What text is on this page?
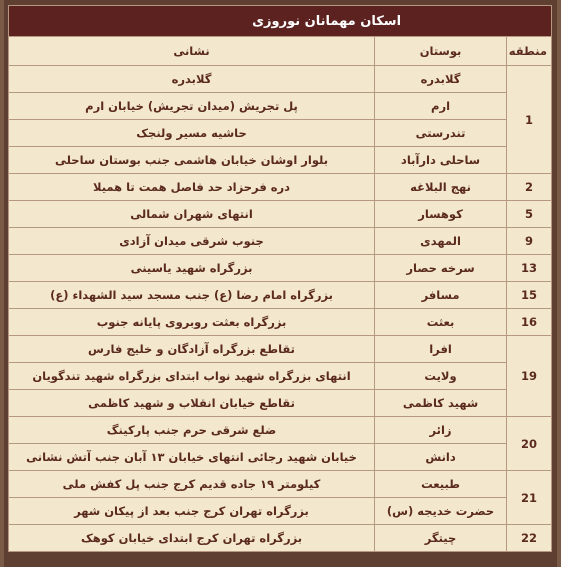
اسکان مهمانان نوروزی		
منطقه	بوستان	نشانی
1	گلابدره	گلابدره
	ارم	پل تجریش (میدان تجریش) خیابان ارم
	تندرستی	حاشیه مسیر ولنجک
	ساحلی دارآباد	بلوار اوشان خیابان هاشمی جنب بوستان ساحلی
2	نهج البلاغه	دره فرحزاد حد فاصل همت تا همیلا
5	کوهسار	انتهای شهران شمالی
9	المهدی	جنوب شرقی میدان آزادی
13	سرخه حصار	بزرگراه شهید یاسینی
15	مسافر	بزرگراه امام رضا (ع) جنب مسجد سید الشهداء (ع)
16	بعثت	بزرگراه بعثت روبروی پایانه جنوب
19	افرا	تقاطع بزرگراه آزادگان و خلیج فارس
	ولایت	انتهای بزرگراه شهید نواب ابتدای بزرگراه شهید تندگویان
	شهید کاظمی	تقاطع خیابان انقلاب و شهید کاظمی
20	زائر	ضلع شرقی حرم جنب پارکینگ
	دانش	خیابان شهید رجائی انتهای خیابان ۱۳ آبان جنب آتش نشانی
21	طبیعت	کیلومتر ۱۹ جاده قدیم کرج جنب پل کفش ملی
	حضرت خدیجه (س)	بزرگراه تهران کرج جنب بعد از پیکان شهر
22	چیتگر	بزرگراه تهران کرج ابتدای خیابان کوهک
